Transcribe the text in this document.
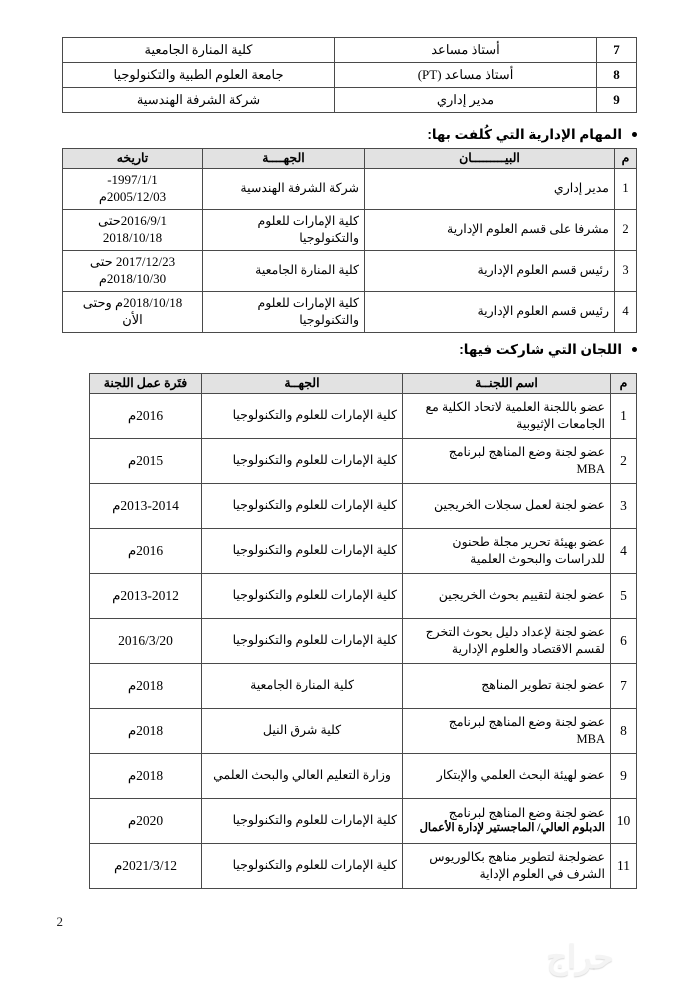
7	أستاذ مساعد	كلية المنارة الجامعية
8	أستاذ مساعد (PT)	جامعة العلوم الطبية والتكنولوجيا
9	مدير إداري	شركة الشرفة الهندسية
المهام الإدارية التي كُلفت بها:
م	البيـــــــــان	الجهــــة	تاريخه
1	مدير إداري	شركة الشرفة الهندسية	1997/1/1-
2005/12/03م

2	مشرفا على قسم العلوم الإدارية	كلية الإمارات للعلوم والتكنولوجيا	2016/9/1حتى
2018/10/18

3	رئيس قسم العلوم الإدارية	كلية المنارة الجامعية	2017/12/23 حتى
2018/10/30م

4	رئيس قسم العلوم الإدارية	كلية الإمارات للعلوم والتكنولوجيا	2018/10/18م وحتى
الأن
اللجان التي شاركت فيها:
م	اسم اللجنــة	الجهــة	فتَرة عمل اللجنة
1	عضو باللجنة العلمية لاتحاد الكلية مع
الجامعات الإثيوبية	كلية الإمارات للعلوم والتكنولوجيا	2016م
2	عضو لجنة وضع المناهج لبرنامج
MBA	كلية الإمارات للعلوم والتكنولوجيا	2015م
3	عضو لجنة لعمل سجلات الخريجين	كلية الإمارات للعلوم والتكنولوجيا	2013-2014م
4	عضو بهيئة تحرير مجلة طحنون
للدراسات والبحوث العلمية	كلية الإمارات للعلوم والتكنولوجيا	2016م
5	عضو لجنة لتقييم بحوث الخريجين	كلية الإمارات للعلوم والتكنولوجيا	2013-2012م
6	عضو لجنة لإعداد دليل بحوث التخرج
لقسم الاقتصاد والعلوم الإدارية	كلية الإمارات للعلوم والتكنولوجيا	2016/3/20
7	عضو لجنة تطوير المناهج	كلية المنارة الجامعية	2018م
8	عضو لجنة وضع المناهج لبرنامج
MBA	كلية شرق النيل	2018م
9	عضو لهيئة البحث العلمي والإبتكار	وزارة التعليم العالي والبحث العلمي	2018م
10	عضو لجنة وضع المناهج لبرنامج
الدبلوم العالي/ الماجستير لإدارة الأعمال	كلية الإمارات للعلوم والتكنولوجيا	2020م
11	عضولجنة لتطوير مناهج بكالوريوس
الشرف في العلوم الإداية	كلية الإمارات للعلوم والتكنولوجيا	2021/3/12م
2
حراج
